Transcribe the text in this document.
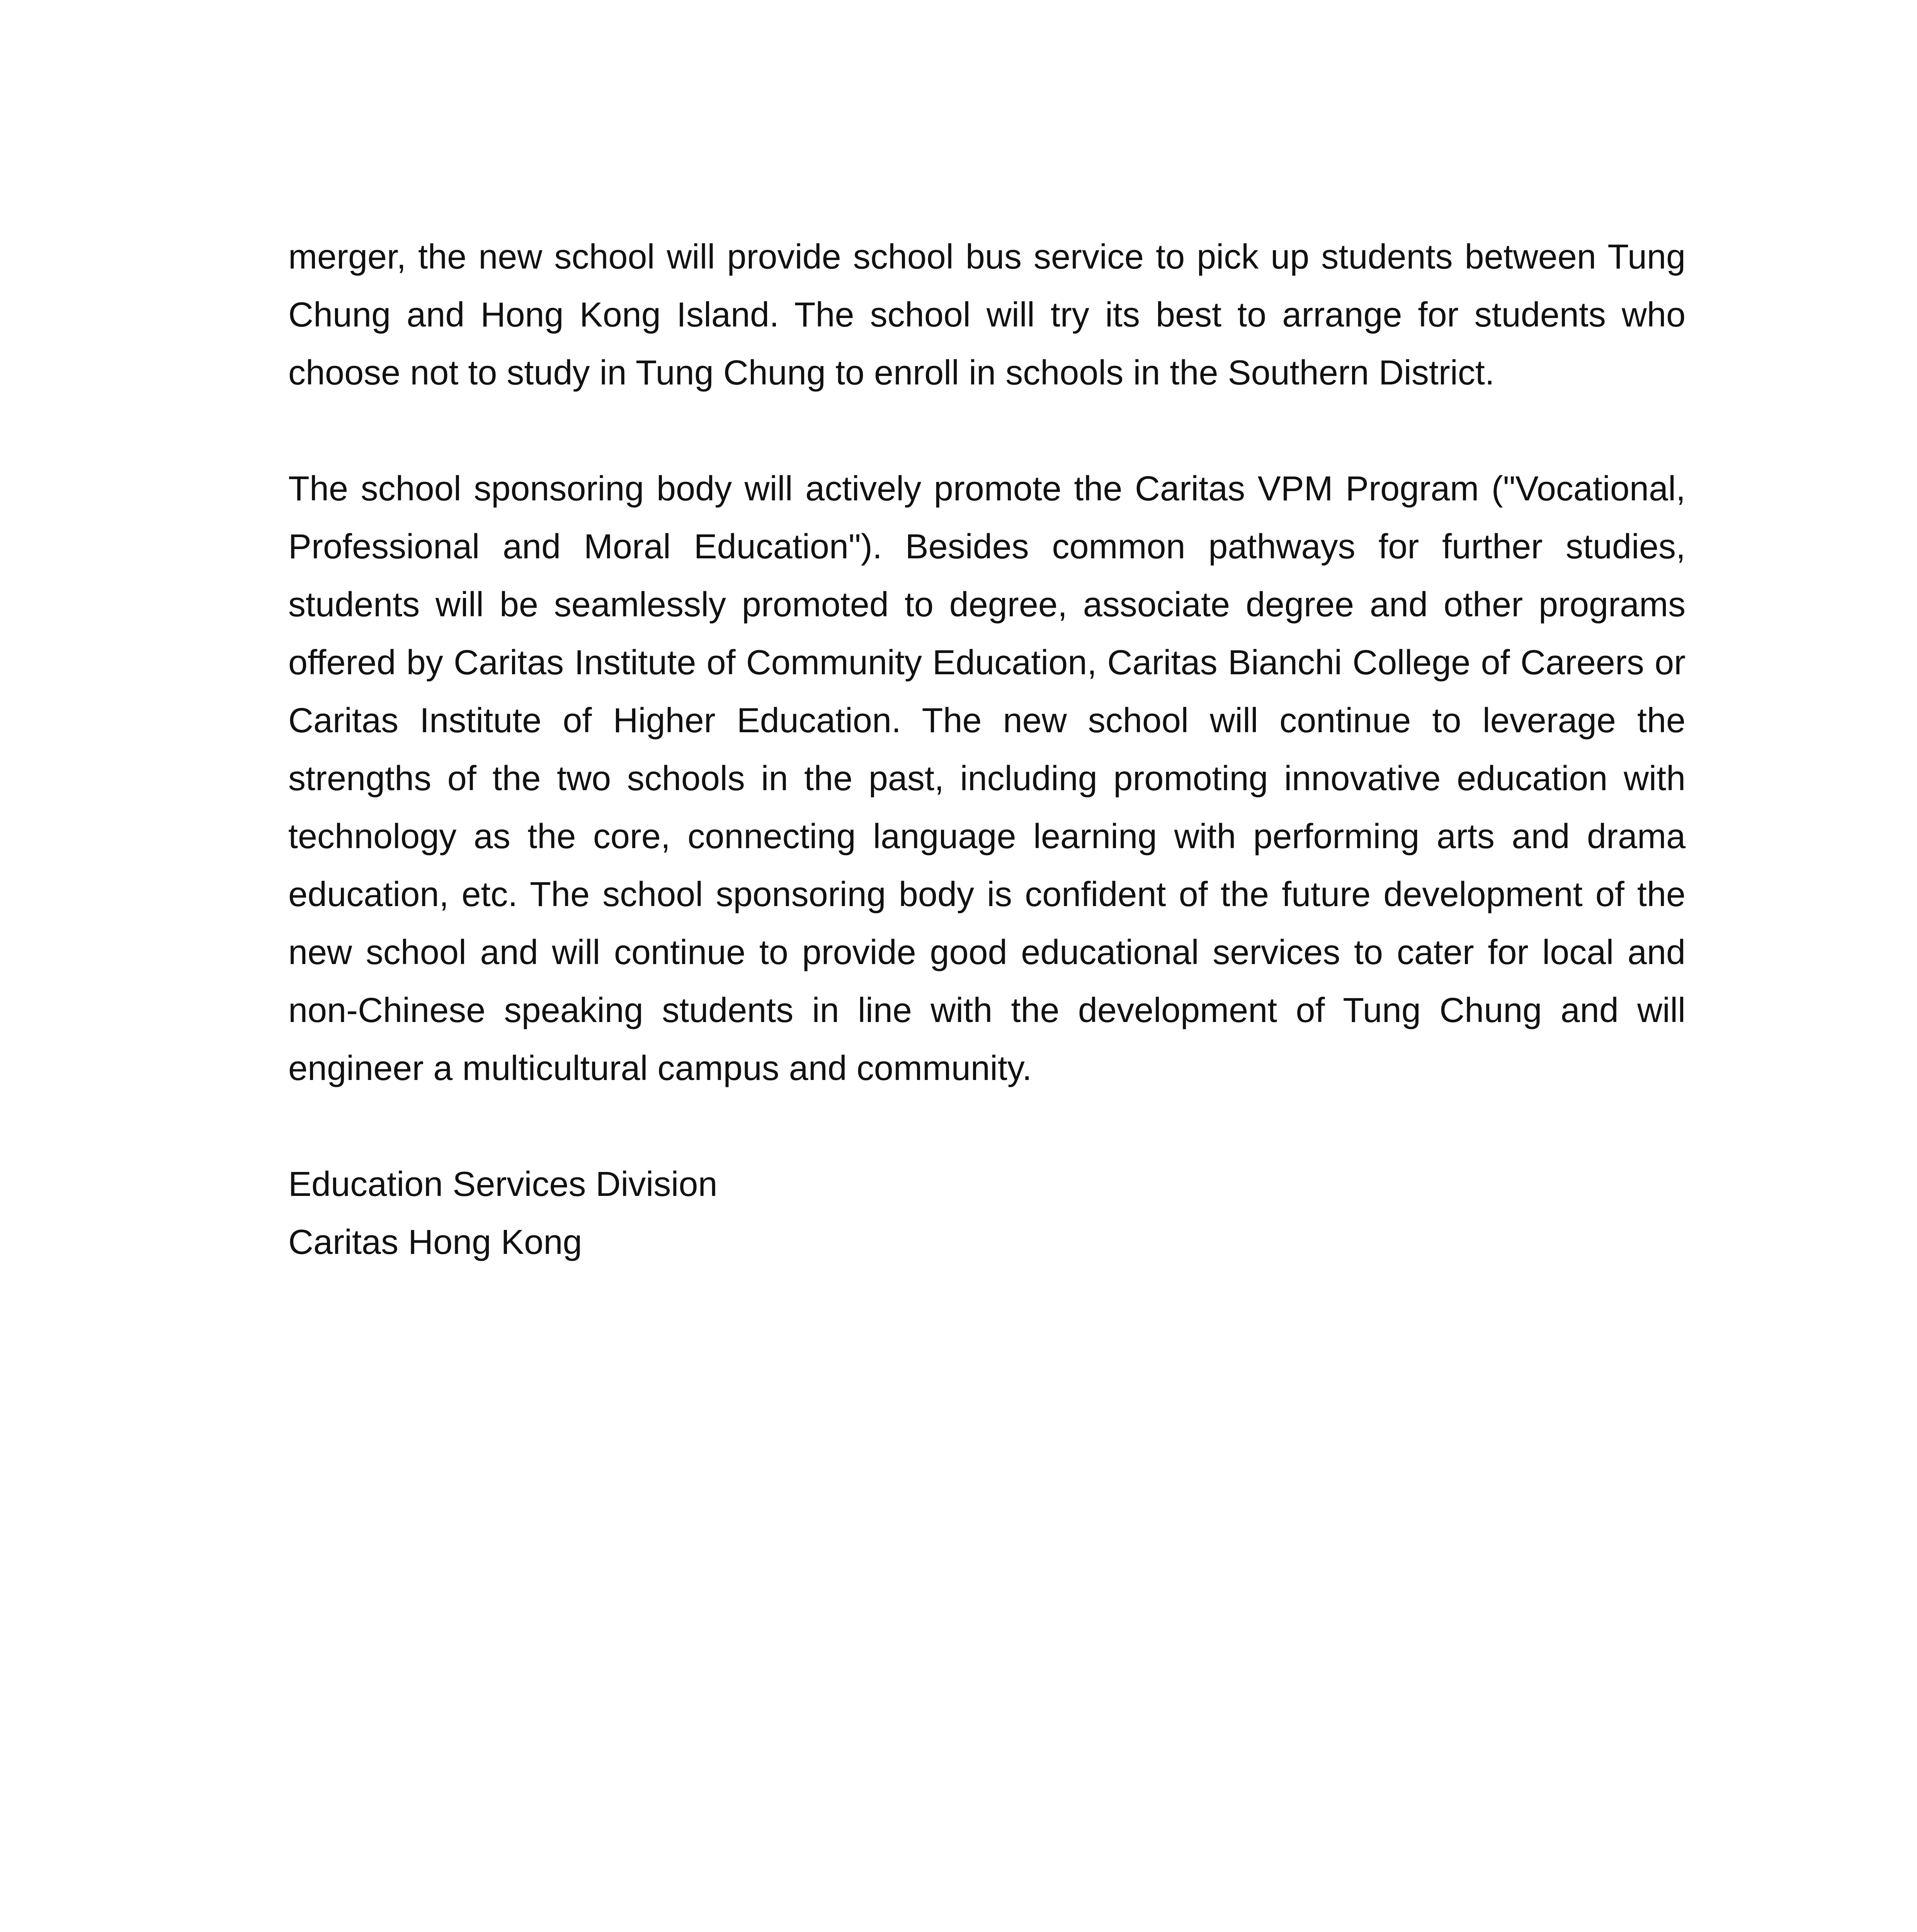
merger, the new school will provide school bus service to pick up students between Tung Chung and Hong Kong Island. The school will try its best to arrange for students who choose not to study in Tung Chung to enroll in schools in the Southern District.

The school sponsoring body will actively promote the Caritas VPM Program ("Vocational, Professional and Moral Education"). Besides common pathways for further studies, students will be seamlessly promoted to degree, associate degree and other programs offered by Caritas Institute of Community Education, Caritas Bianchi College of Careers or Caritas Institute of Higher Education. The new school will continue to leverage the strengths of the two schools in the past, including promoting innovative education with technology as the core, connecting language learning with performing arts and drama education, etc. The school sponsoring body is confident of the future development of the new school and will continue to provide good educational services to cater for local and non-Chinese speaking students in line with the development of Tung Chung and will engineer a multicultural campus and community.

Education Services Division
Caritas Hong Kong
